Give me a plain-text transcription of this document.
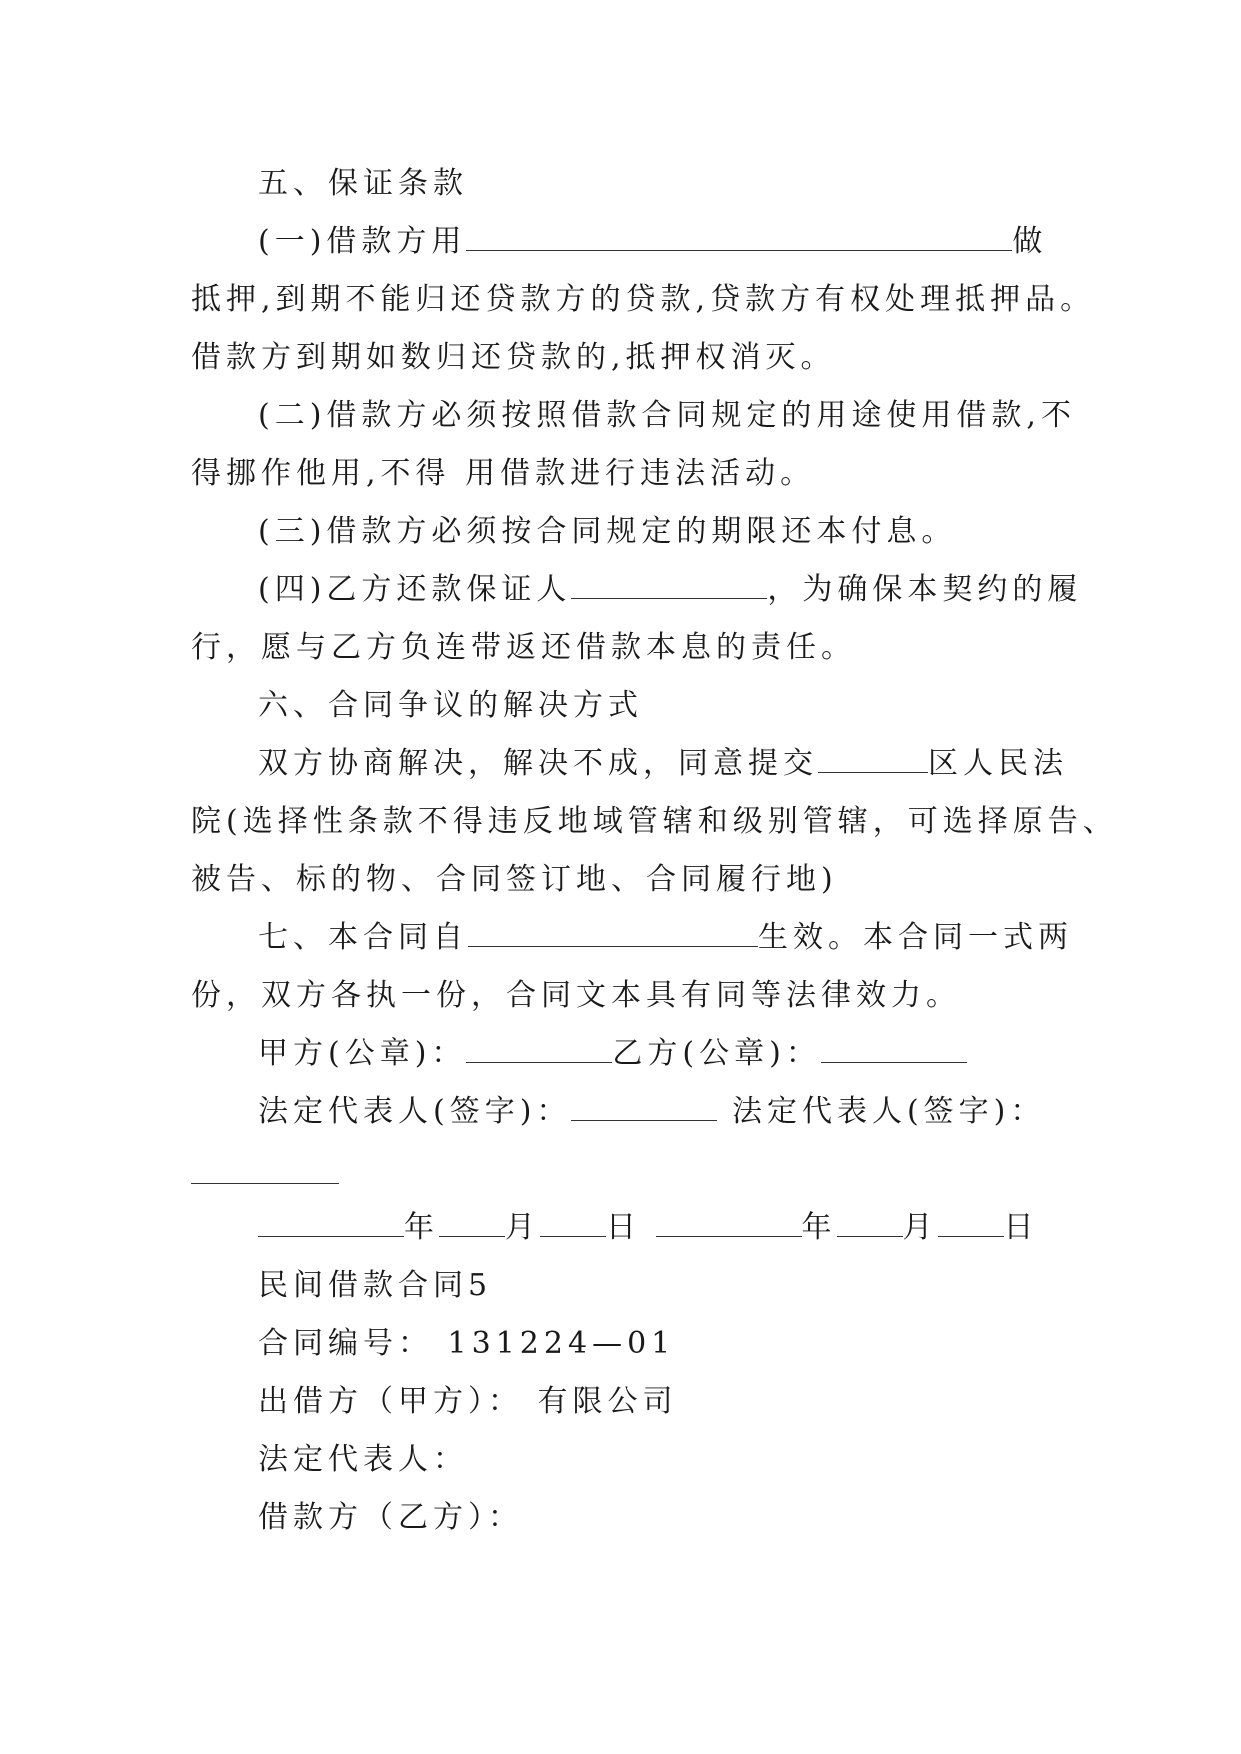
五、保证条款
(一)借款方用	做
抵押,到期不能归还贷款方的贷款,贷款方有权处理抵押品。
借款方到期如数归还贷款的,抵押权消灭。
(二)借款方必须按照借款合同规定的用途使用借款,不
得挪作他用,不得 用借款进行违法活动。
(三)借款方必须按合同规定的期限还本付息。
(四)乙方还款保证人	，为确保本契约的履
行，愿与乙方负连带返还借款本息的责任。
六、合同争议的解决方式
双方协商解决，解决不成，同意提交	区人民法
院(选择性条款不得违反地域管辖和级别管辖，可选择原告、
被告、标的物、合同签订地、合同履行地)
七、本合同自	生效。本合同一式两
份，双方各执一份，合同文本具有同等法律效力。
甲方(公章)：	乙方(公章)：
法定代表人(签字)：	法定代表人(签字)：
年 月 日	年 月 日
民间借款合同5
合同编号： 131224—01
出借方（甲方）： 有限公司
法定代表人：
借款方（乙方）：
